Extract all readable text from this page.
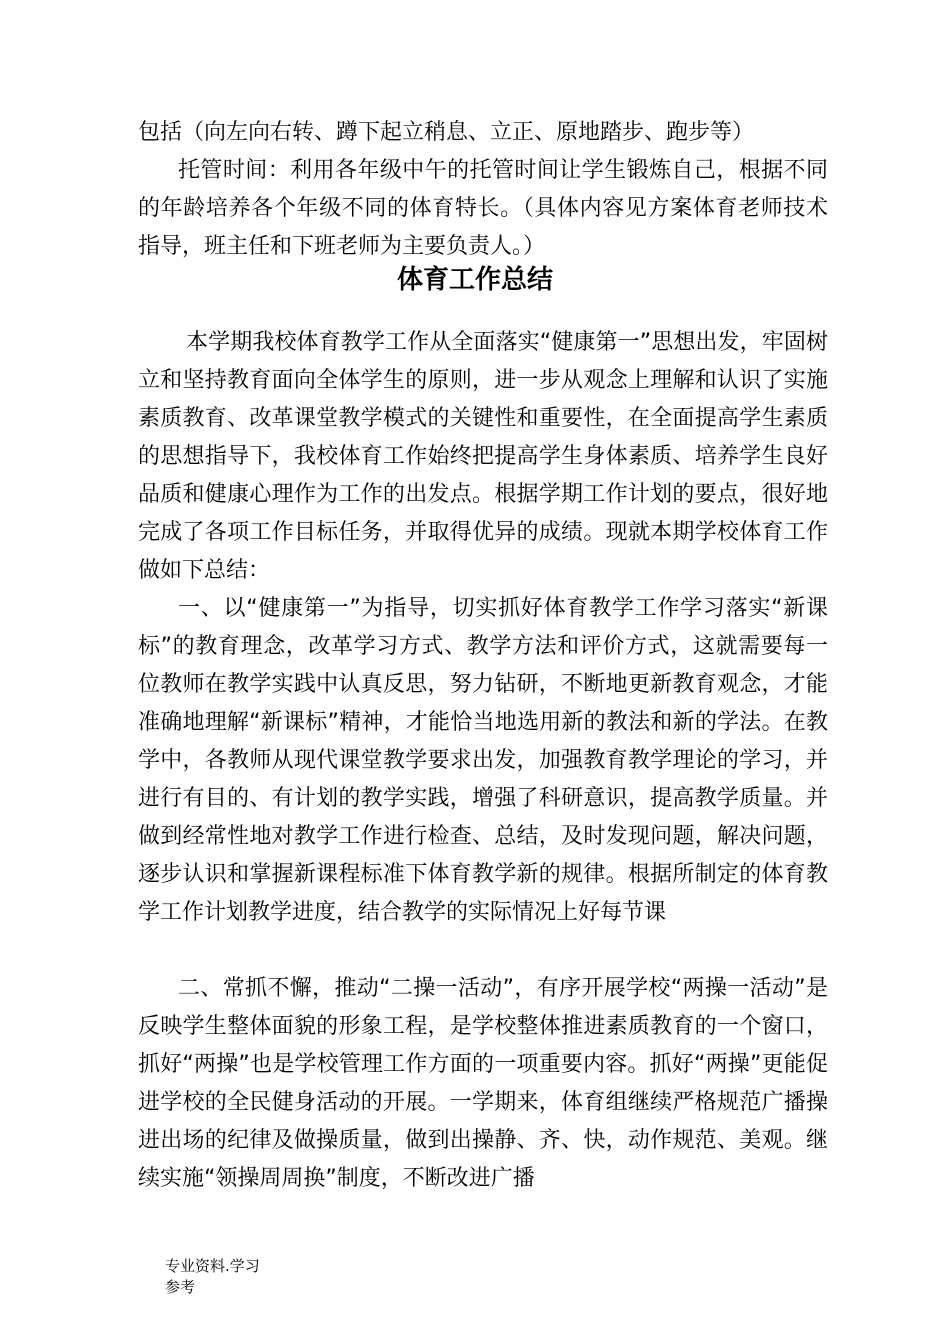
包括（向左向右转、蹲下起立稍息、立正、原地踏步、跑步等）

托管时间：利用各年级中午的托管时间让学生锻炼自己，根据不同的年龄培养各个年级不同的体育特长。（具体内容见方案体育老师技术指导，班主任和下班老师为主要负责人。）

体育工作总结

本学期我校体育教学工作从全面落实“健康第一”思想出发，牢固树立和坚持教育面向全体学生的原则，进一步从观念上理解和认识了实施素质教育、改革课堂教学模式的关键性和重要性，在全面提高学生素质的思想指导下，我校体育工作始终把提高学生身体素质、培养学生良好品质和健康心理作为工作的出发点。根据学期工作计划的要点，很好地完成了各项工作目标任务，并取得优异的成绩。现就本期学校体育工作做如下总结：

一、以“健康第一”为指导，切实抓好体育教学工作学习落实“新课标”的教育理念，改革学习方式、教学方法和评价方式，这就需要每一位教师在教学实践中认真反思，努力钻研，不断地更新教育观念，才能准确地理解“新课标”精神，才能恰当地选用新的教法和新的学法。在教学中，各教师从现代课堂教学要求出发，加强教育教学理论的学习，并进行有目的、有计划的教学实践，增强了科研意识，提高教学质量。并做到经常性地对教学工作进行检查、总结，及时发现问题，解决问题，逐步认识和掌握新课程标准下体育教学新的规律。根据所制定的体育教学工作计划教学进度，结合教学的实际情况上好每节课

二、常抓不懈，推动“二操一活动”，有序开展学校“两操一活动”是反映学生整体面貌的形象工程，是学校整体推进素质教育的一个窗口，抓好“两操”也是学校管理工作方面的一项重要内容。抓好“两操”更能促进学校的全民健身活动的开展。一学期来，体育组继续严格规范广播操进出场的纪律及做操质量，做到出操静、齐、快，动作规范、美观。继续实施“领操周周换”制度，不断改进广播

专业资料.学习
参考
